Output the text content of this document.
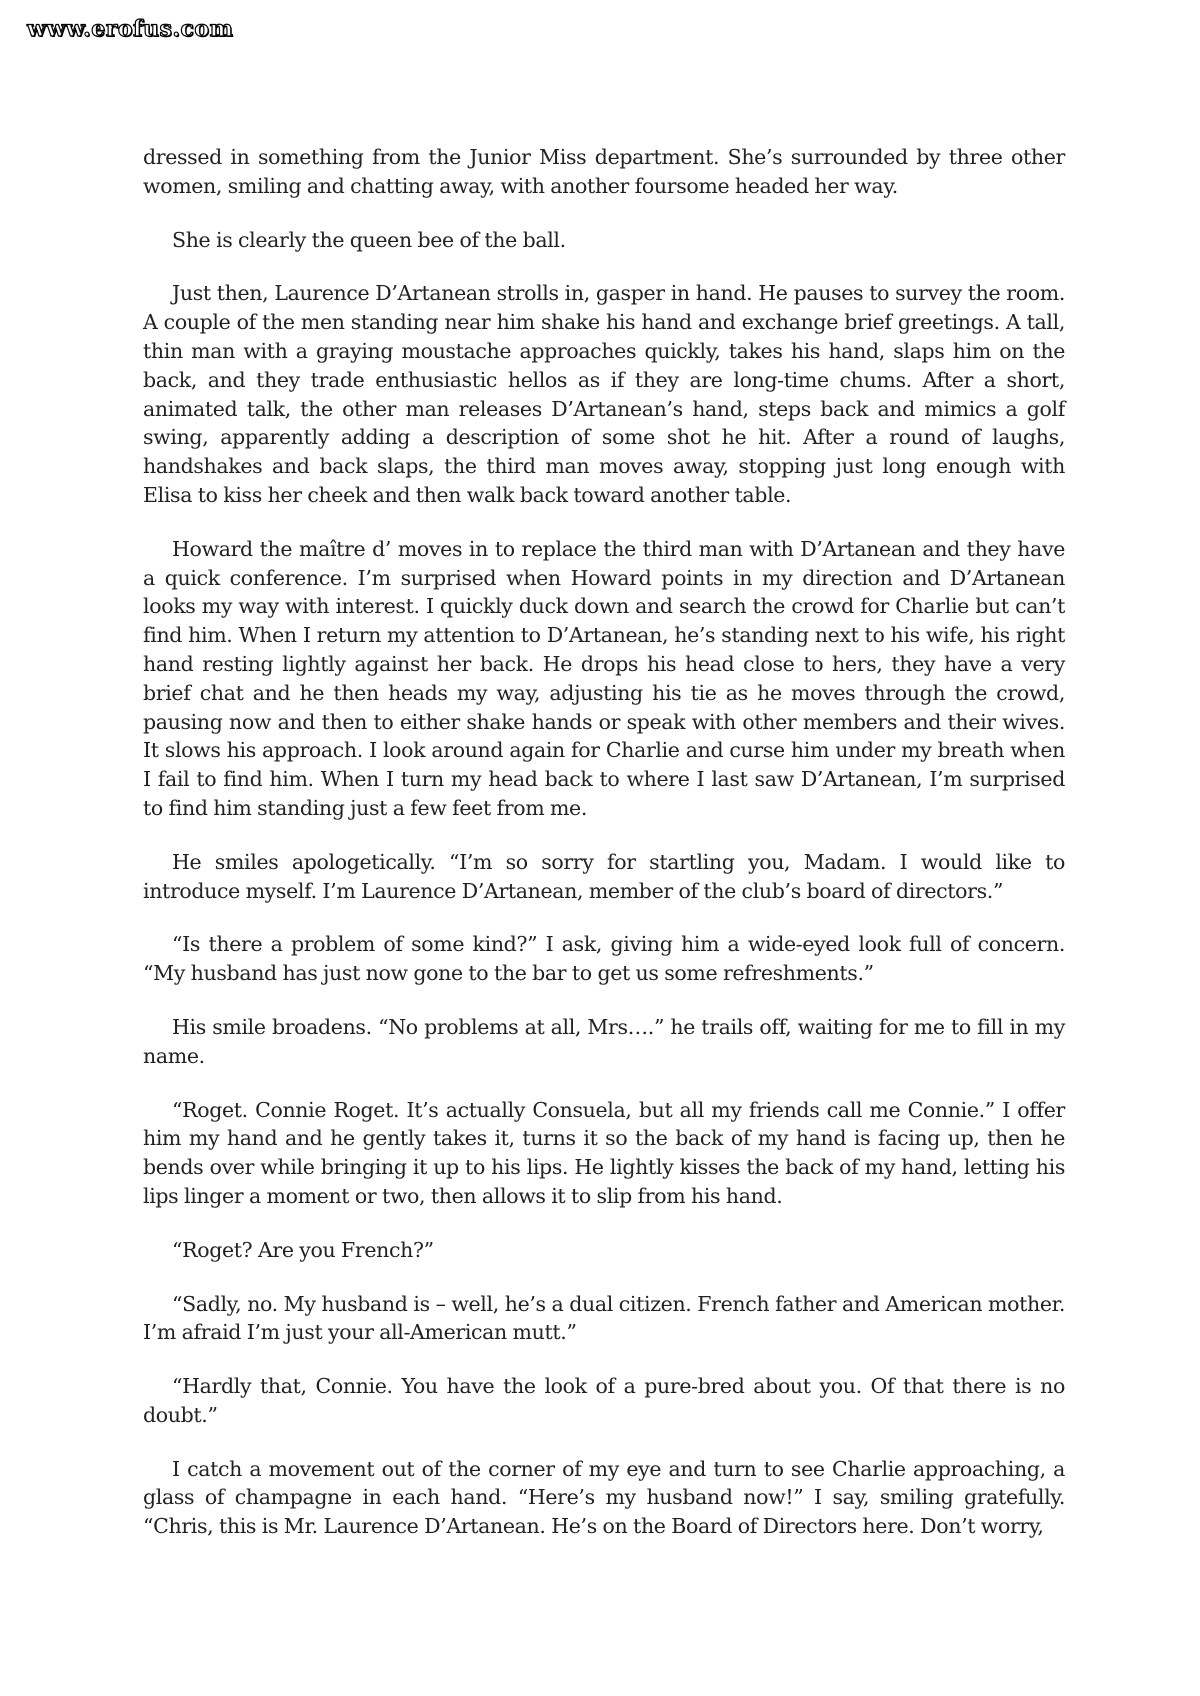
www.erofus.com

dressed in something from the Junior Miss department. She’s surrounded by three other women, smiling and chatting away, with another foursome headed her way.

She is clearly the queen bee of the ball.

Just then, Laurence D’Artanean strolls in, gasper in hand. He pauses to survey the room. A couple of the men standing near him shake his hand and exchange brief greetings. A tall, thin man with a graying moustache approaches quickly, takes his hand, slaps him on the back, and they trade enthusiastic hellos as if they are long-time chums. After a short, animated talk, the other man releases D’Artanean’s hand, steps back and mimics a golf swing, apparently adding a description of some shot he hit. After a round of laughs, handshakes and back slaps, the third man moves away, stopping just long enough with Elisa to kiss her cheek and then walk back toward another table.

Howard the maître d’ moves in to replace the third man with D’Artanean and they have a quick conference. I’m surprised when Howard points in my direction and D’Artanean looks my way with interest. I quickly duck down and search the crowd for Charlie but can’t find him. When I return my attention to D’Artanean, he’s standing next to his wife, his right hand resting lightly against her back. He drops his head close to hers, they have a very brief chat and he then heads my way, adjusting his tie as he moves through the crowd, pausing now and then to either shake hands or speak with other members and their wives. It slows his approach. I look around again for Charlie and curse him under my breath when I fail to find him. When I turn my head back to where I last saw D’Artanean, I’m surprised to find him standing just a few feet from me.

He smiles apologetically. “I’m so sorry for startling you, Madam. I would like to introduce myself. I’m Laurence D’Artanean, member of the club’s board of directors.”

“Is there a problem of some kind?” I ask, giving him a wide-eyed look full of concern. “My husband has just now gone to the bar to get us some refreshments.”

His smile broadens. “No problems at all, Mrs….” he trails off, waiting for me to fill in my name.

“Roget. Connie Roget. It’s actually Consuela, but all my friends call me Connie.” I offer him my hand and he gently takes it, turns it so the back of my hand is facing up, then he bends over while bringing it up to his lips. He lightly kisses the back of my hand, letting his lips linger a moment or two, then allows it to slip from his hand.

“Roget? Are you French?”

“Sadly, no. My husband is – well, he’s a dual citizen. French father and American mother. I’m afraid I’m just your all-American mutt.”

“Hardly that, Connie. You have the look of a pure-bred about you. Of that there is no doubt.”

I catch a movement out of the corner of my eye and turn to see Charlie approaching, a glass of champagne in each hand. “Here’s my husband now!” I say, smiling gratefully. “Chris, this is Mr. Laurence D’Artanean. He’s on the Board of Directors here. Don’t worry,
